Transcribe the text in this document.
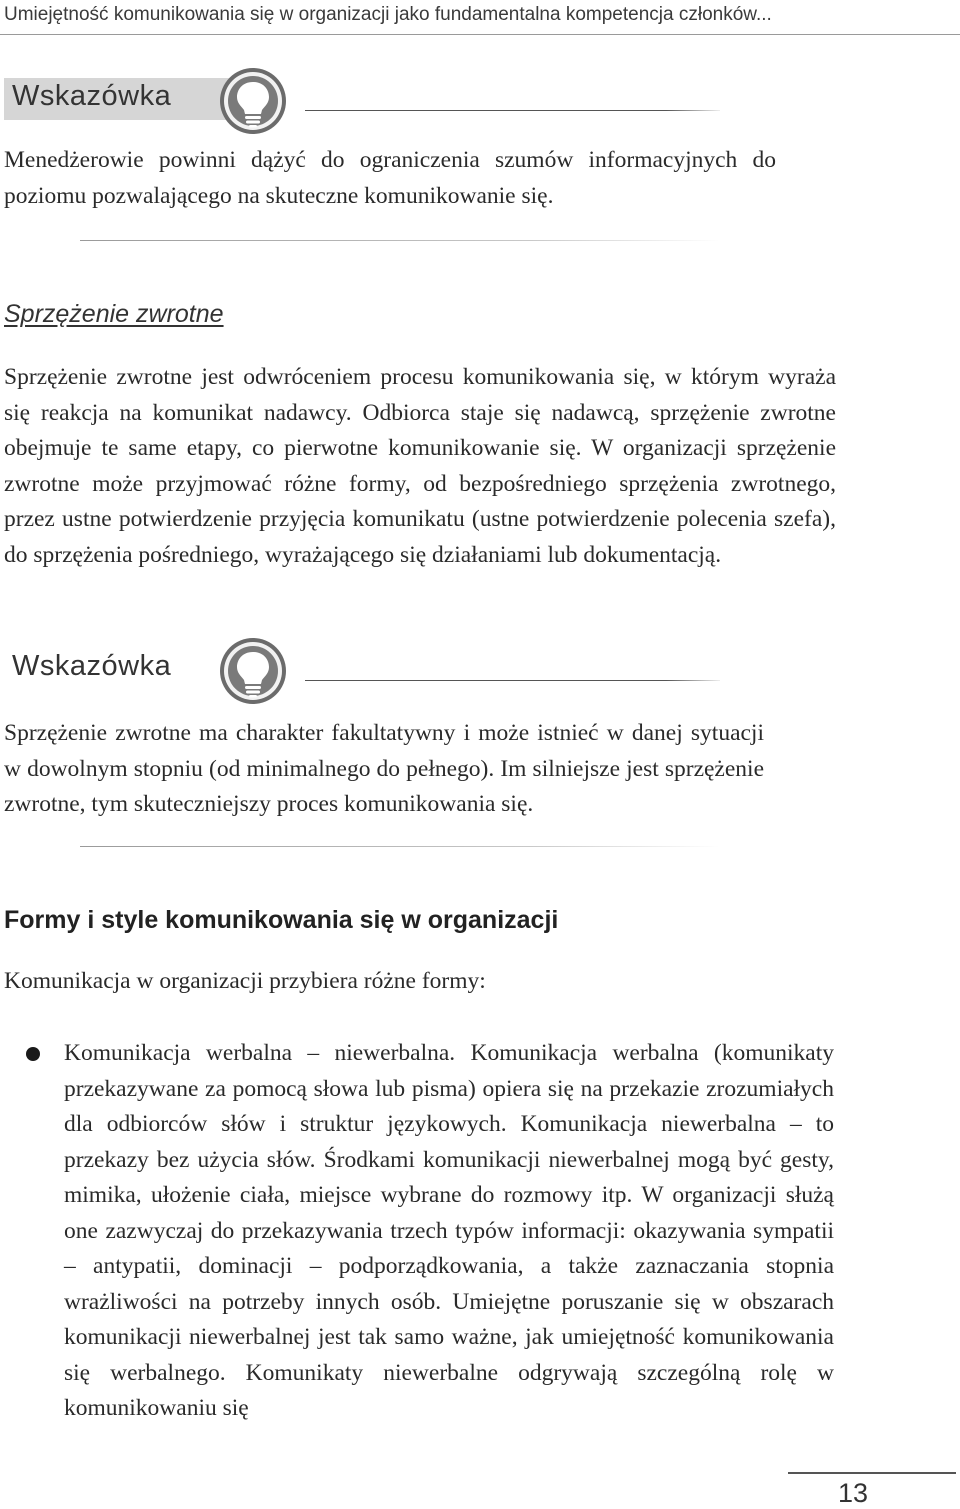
Umiejętność komunikowania się w organizacji jako fundamentalna kompetencja członków...
Wskazówka

Menedżerowie powinni dążyć do ograniczenia szumów informacyjnych do poziomu pozwalającego na skuteczne komunikowanie się.

Sprzężenie zwrotne

Sprzężenie zwrotne jest odwróceniem procesu komunikowania się, w którym wyraża się reakcja na komunikat nadawcy. Odbiorca staje się nadawcą, sprzężenie zwrotne obejmuje te same etapy, co pierwotne komunikowanie się. W organizacji sprzężenie zwrotne może przyjmować różne formy, od bezpośredniego sprzężenia zwrotnego, przez ustne potwierdzenie przyjęcia komunikatu (ustne potwierdzenie polecenia szefa), do sprzężenia pośredniego, wyrażającego się działaniami lub dokumentacją.

Wskazówka

Sprzężenie zwrotne ma charakter fakultatywny i może istnieć w danej sytuacji w dowolnym stopniu (od minimalnego do pełnego). Im silniejsze jest sprzężenie zwrotne, tym skuteczniejszy proces komunikowania się.

Formy i style komunikowania się w organizacji

Komunikacja w organizacji przybiera różne formy:

Komunikacja werbalna – niewerbalna. Komunikacja werbalna (komunikaty przekazywane za pomocą słowa lub pisma) opiera się na przekazie zrozumiałych dla odbiorców słów i struktur językowych. Komunikacja niewerbalna – to przekazy bez użycia słów. Środkami komunikacji niewerbalnej mogą być gesty, mimika, ułożenie ciała, miejsce wybrane do rozmowy itp. W organizacji służą one zazwyczaj do przekazywania trzech typów informacji: okazywania sympatii – antypatii, dominacji – podporządkowania, a także zaznaczania stopnia wrażliwości na potrzeby innych osób. Umiejętne poruszanie się w obszarach komunikacji niewerbalnej jest tak samo ważne, jak umiejętność komunikowania się werbalnego. Komunikaty niewerbalne odgrywają szczególną rolę w komunikowaniu się

13
